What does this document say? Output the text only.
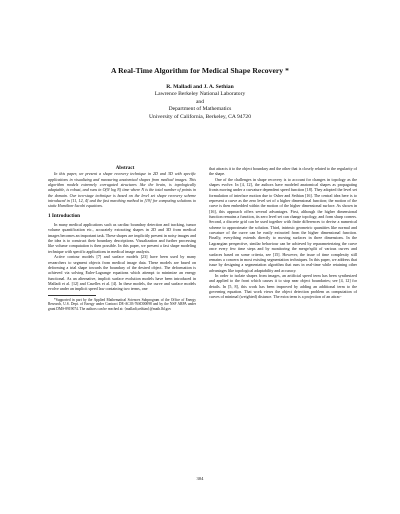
A Real-Time Algorithm for Medical Shape Recovery *
R. Malladi and J. A. Sethian
Lawrence Berkeley National Laboratory
and
Department of Mathematics
University of California, Berkeley, CA 94720

Abstract

In this paper, we present a shape recovery technique in 2D and 3D with specific applications in visualizing and measuring anatomical shapes from medical images. This algorithm models extremely corrugated structures like the brain, is topologically adaptable, is robust, and runs in O(N log N) time where N is the total number of points in the domain. Our two-stage technique is based on the level set shape recovery scheme introduced in [11, 12, 4] and the fast marching method in [19] for computing solutions to static Hamilton-Jacobi equations.

1 Introduction

In many medical applications such as cardiac boundary detection and tracking, tumor volume quantification etc., accurately extracting shapes in 2D and 3D from medical images becomes an important task. These shapes are implicitly present in noisy images and the idea is to construct their boundary descriptions. Visualization and further processing like volume computation is then possible. In this paper, we present a fast shape modeling technique with specific applications in medical image analysis.

Active contour models [7] and surface models [23] have been used by many researchers to segment objects from medical image data. These models are based on deforming a trial shape towards the boundary of the desired object. The deformation is achieved via solving Euler-Lagrange equations which attempt to minimize an energy functional. As an alternative, implicit surface evolution models have been introduced in Malladi et al. [12] and Caselles et al. [4]. In these models, the curve and surface models evolve under an implicit speed law containing two terms, one

*Supported in part by the Applied Mathematical Sciences Subprogram of the Office of Energy Research, U.S. Dept. of Energy under Contract DE-AC03-76SD00098 and by the NSF ARPA under grant DMS-8919074. The authors can be reached at: {malladi,sethian}@math.lbl.gov

that attracts it to the object boundary and the other that is closely related to the regularity of the shape.

One of the challenges in shape recovery is to account for changes in topology as the shapes evolve. In [4, 12], the authors have modeled anatomical shapes as propagating fronts moving under a curvature dependent speed function [18]. They adopted the level set formulation of interface motion due to Osher and Sethian [16]. The central idea here is to represent a curve as the zero level set of a higher dimensional function; the motion of the curve is then embedded within the motion of the higher dimensional surface. As shown in [16], this approach offers several advantages. First, although the higher dimensional function remains a function, its zero level set can change topology, and form sharp corners. Second, a discrete grid can be used together with finite differences to devise a numerical scheme to approximate the solution. Third, intrinsic geometric quantities like normal and curvature of the curve can be easily extracted from the higher dimensional function. Finally, everything extends directly to moving surfaces in three dimensions. In the Lagrangian perspective, similar behaviour can be achieved by reparameterizing the curve once every few time steps and by monitoring the merge/split of various curves and surfaces based on some criteria, see [15]. However, the issue of time complexity still remains a concern in most existing segmentation techniques. In this paper, we address that issue by designing a segmentation algorithm that runs in real-time while retaining other advantages like topological adaptability and accuracy.

In order to isolate shapes from images, an artificial speed term has been synthesized and applied to the front which causes it to stop near object boundaries; see [4, 12] for details. In [5, 8], this work has been improved by adding an additional term to the governing equation. That work views the object detection problem as computation of curves of minimal (weighted) distance. The extra term is a projection of an attrac-

304
